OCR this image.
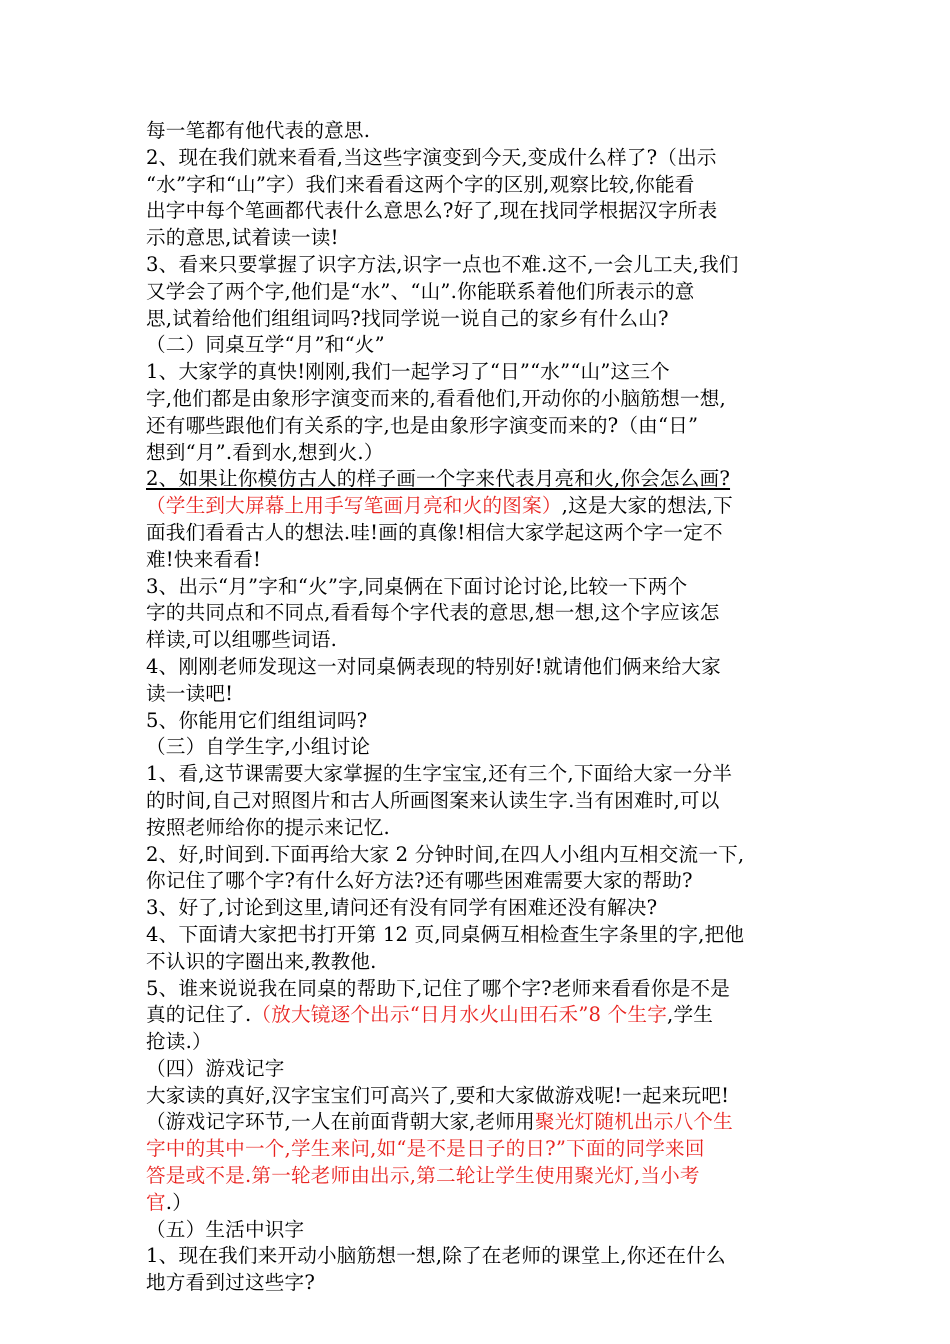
每一笔都有他代表的意思.
2、现在我们就来看看,当这些字演变到今天,变成什么样了?（出示
“水”字和“山”字）我们来看看这两个字的区别,观察比较,你能看
出字中每个笔画都代表什么意思么?好了,现在找同学根据汉字所表
示的意思,试着读一读!
3、看来只要掌握了识字方法,识字一点也不难.这不,一会儿工夫,我们
又学会了两个字,他们是“水”、“山”.你能联系着他们所表示的意
思,试着给他们组组词吗?找同学说一说自己的家乡有什么山?
（二）同桌互学“月”和“火”
1、大家学的真快!刚刚,我们一起学习了“日”“水”“山”这三个
字,他们都是由象形字演变而来的,看看他们,开动你的小脑筋想一想,
还有哪些跟他们有关系的字,也是由象形字演变而来的?（由“日”
想到“月”.看到水,想到火.）
2、如果让你模仿古人的样子画一个字来代表月亮和火,你会怎么画?
（学生到大屏幕上用手写笔画月亮和火的图案）,这是大家的想法,下
面我们看看古人的想法.哇!画的真像!相信大家学起这两个字一定不
难!快来看看!
3、出示“月”字和“火”字,同桌俩在下面讨论讨论,比较一下两个
字的共同点和不同点,看看每个字代表的意思,想一想,这个字应该怎
样读,可以组哪些词语.
4、刚刚老师发现这一对同桌俩表现的特别好!就请他们俩来给大家
读一读吧!
5、你能用它们组组词吗?
（三）自学生字,小组讨论
1、看,这节课需要大家掌握的生字宝宝,还有三个,下面给大家一分半
的时间,自己对照图片和古人所画图案来认读生字.当有困难时,可以
按照老师给你的提示来记忆.
2、好,时间到.下面再给大家 2 分钟时间,在四人小组内互相交流一下,
你记住了哪个字?有什么好方法?还有哪些困难需要大家的帮助?
3、好了,讨论到这里,请问还有没有同学有困难还没有解决?
4、下面请大家把书打开第 12 页,同桌俩互相检查生字条里的字,把他
不认识的字圈出来,教教他.
5、谁来说说我在同桌的帮助下,记住了哪个字?老师来看看你是不是
真的记住了.（放大镜逐个出示“日月水火山田石禾”8 个生字,学生
抢读.）
（四）游戏记字
大家读的真好,汉字宝宝们可高兴了,要和大家做游戏呢!一起来玩吧!
（游戏记字环节,一人在前面背朝大家,老师用聚光灯随机出示八个生
字中的其中一个,学生来问,如“是不是日子的日?”下面的同学来回
答是或不是.第一轮老师由出示,第二轮让学生使用聚光灯,当小考
官.）
（五）生活中识字
1、现在我们来开动小脑筋想一想,除了在老师的课堂上,你还在什么
地方看到过这些字?
